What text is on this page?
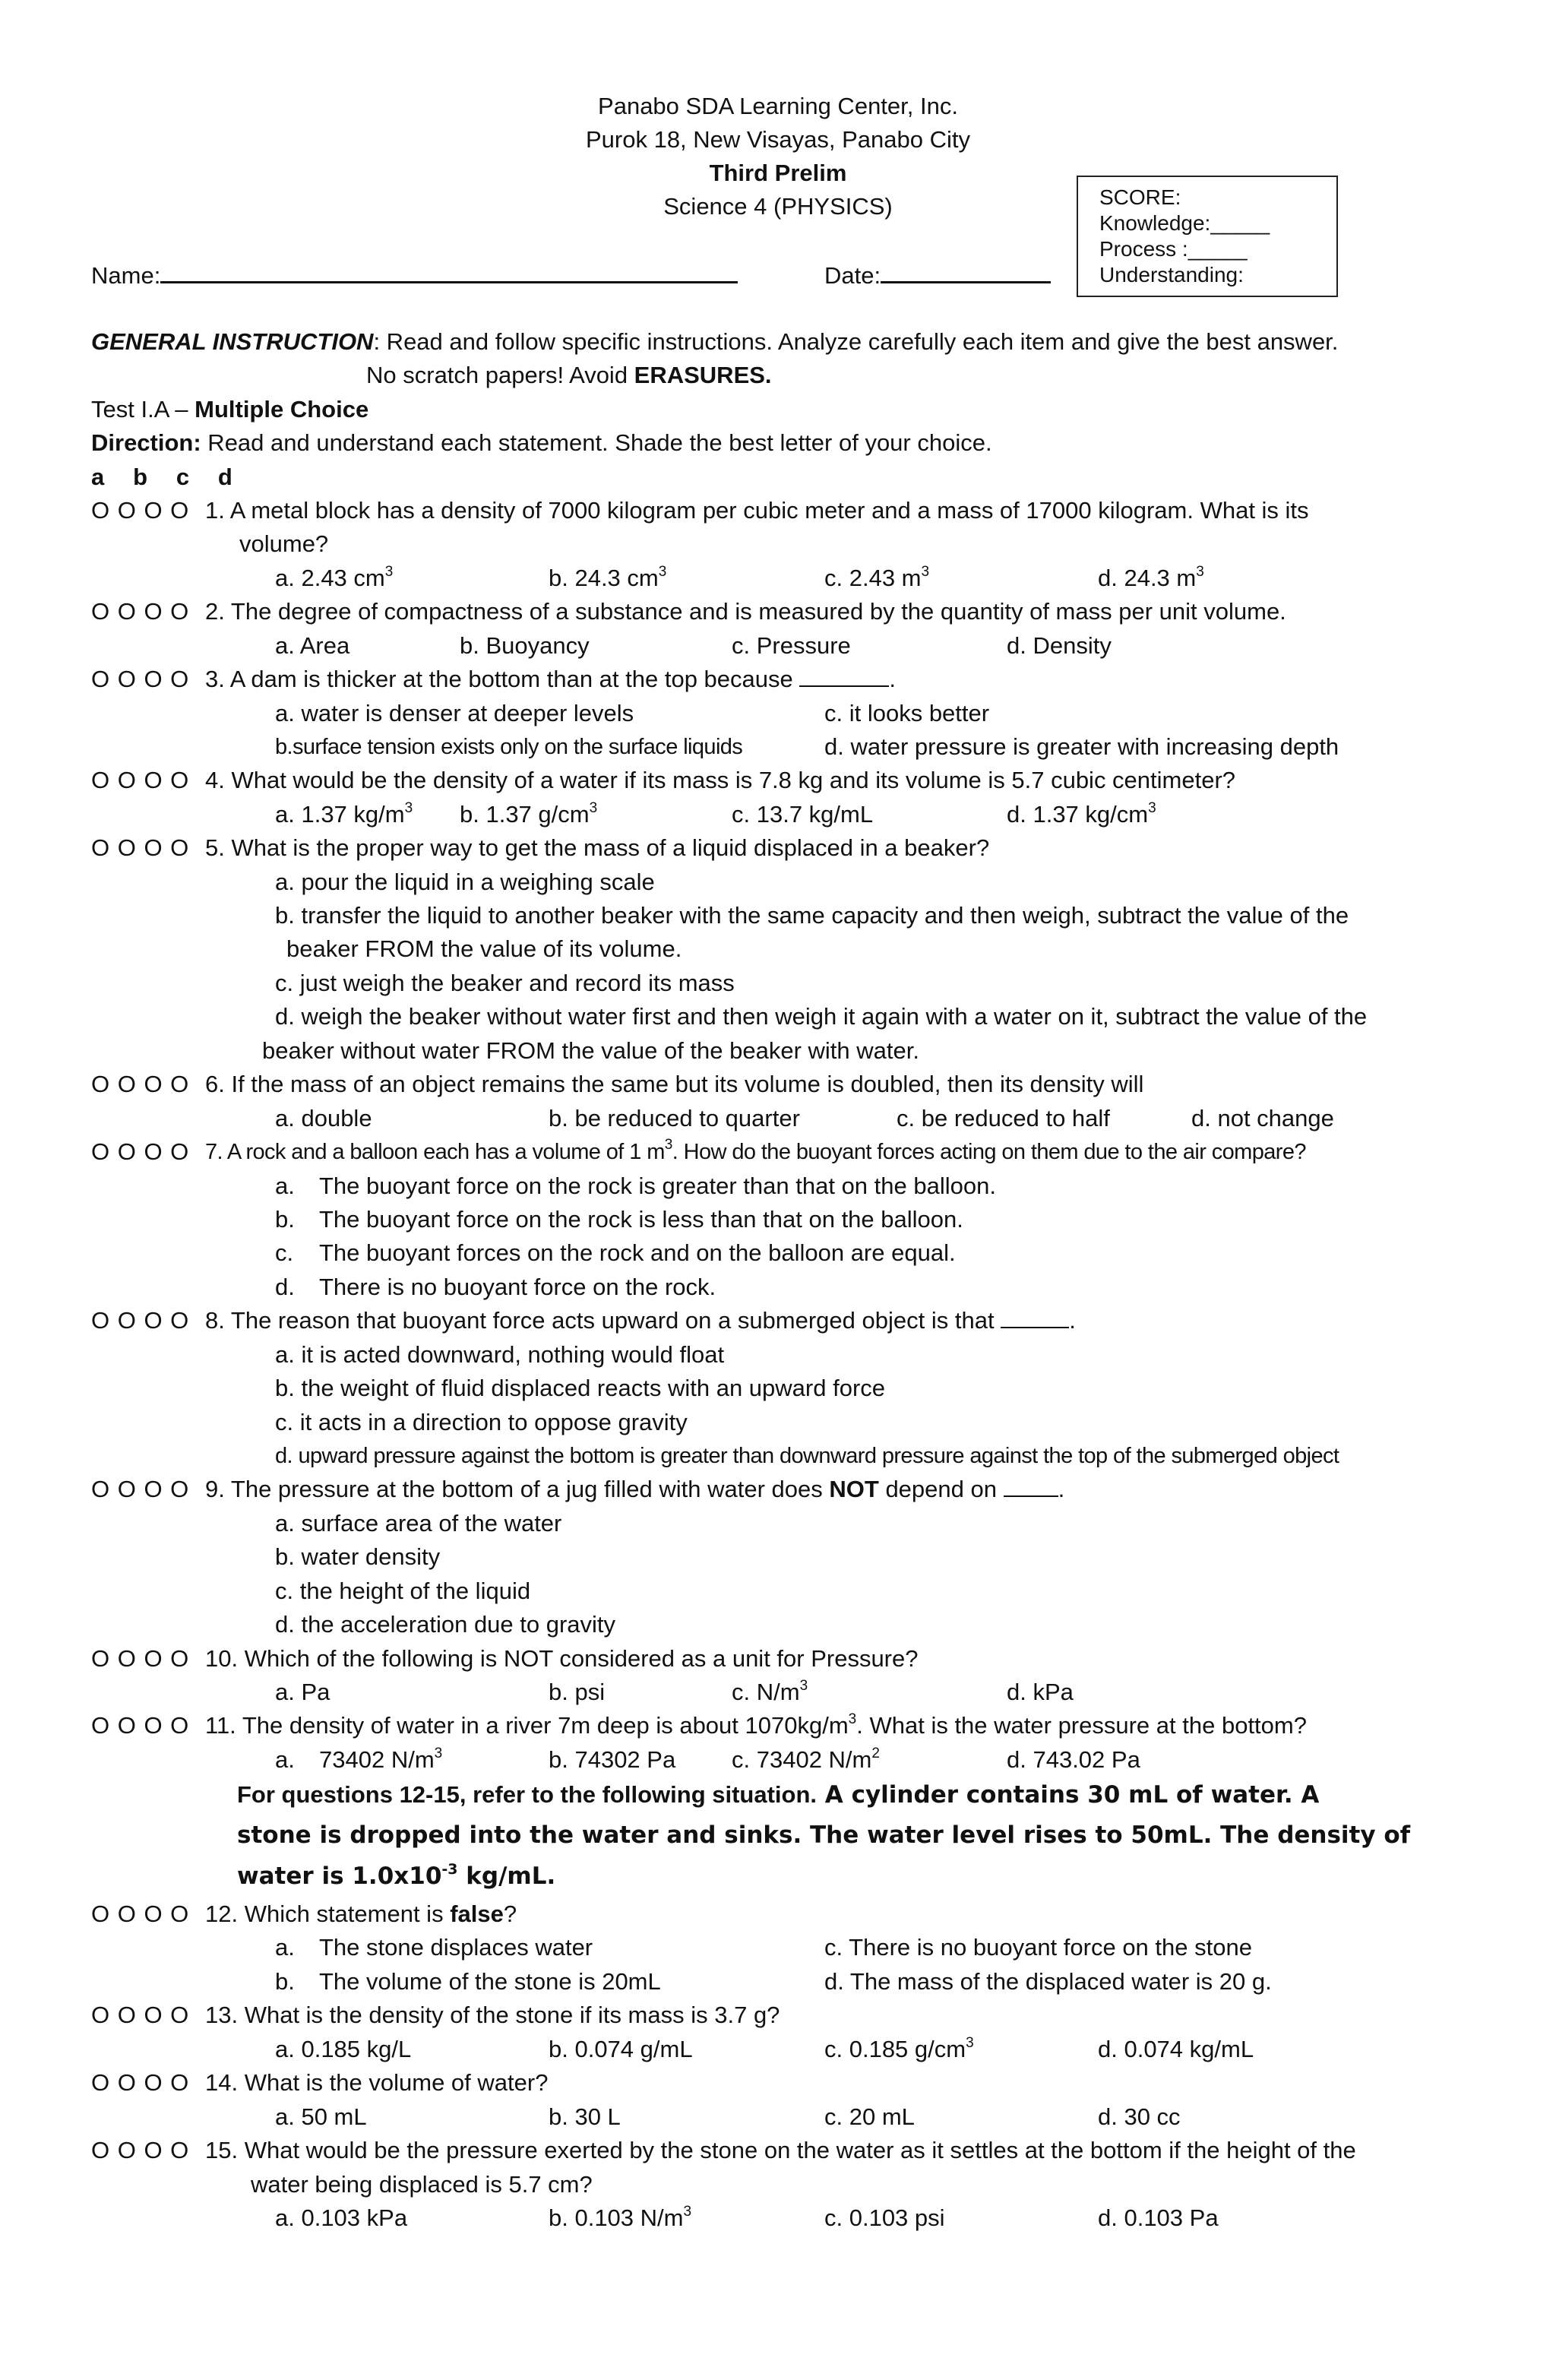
Panabo SDA Learning Center, Inc.
Purok 18, New Visayas, Panabo City
Third Prelim
Science 4 (PHYSICS)	SCORE:
Knowledge:_____
Process :_____
Understanding:
Name:	Date:
GENERAL INSTRUCTION: Read and follow specific instructions. Analyze carefully each item and give the best answer.
No scratch papers! Avoid ERASURES.
Test I.A – Multiple Choice
Direction: Read and understand each statement. Shade the best letter of your choice.
a   b   c   d
O O O O 1. A metal block has a density of 7000 kilogram per cubic meter and a mass of 17000 kilogram. What is its
volume?
a. 2.43 $cm^3$	b. 24.3 $cm^3$	c. 2.43 $m^3$	d. 24.3 $m^3$
O O O O 2. The degree of compactness of a substance and is measured by the quantity of mass per unit volume.
a. Area	b. Buoyancy	c. Pressure	d. Density
O O O O 3. A dam is thicker at the bottom than at the top because	.
a. water is denser at deeper levels	c. it looks better
b.surface tension exists only on the surface liquids	d. water pressure is greater with increasing depth
O O O O 4. What would be the density of a water if its mass is 7.8 kg and its volume is 5.7 cubic centimeter?
a. 1.37 $kg/m^3$ b. 1.37 $g/cm^3$	c. 13.7 kg/mL	d. 1.37 $kg/cm^3$
O O O O 5. What is the proper way to get the mass of a liquid displaced in a beaker?
a. pour the liquid in a weighing scale
b. transfer the liquid to another beaker with the same capacity and then weigh, subtract the value of the
beaker FROM the value of its volume.
c. just weigh the beaker and record its mass
d. weigh the beaker without water first and then weigh it again with a water on it, subtract the value of the
beaker without water FROM the value of the beaker with water.
O O O O 6. If the mass of an object remains the same but its volume is doubled, then its density will
a. double	b. be reduced to quarter	c. be reduced to half	d. not change
O O O O 7. A rock and a balloon each has a volume of 1 $m^3$. How do the buoyant forces acting on them due to the air compare?
a. The buoyant force on the rock is greater than that on the balloon.
b. The buoyant force on the rock is less than that on the balloon.
c. The buoyant forces on the rock and on the balloon are equal.
d. There is no buoyant force on the rock.
O O O O 8. The reason that buoyant force acts upward on a submerged object is that	.
a. it is acted downward, nothing would float
b. the weight of fluid displaced reacts with an upward force
c. it acts in a direction to oppose gravity
d. upward pressure against the bottom is greater than downward pressure against the top of the submerged object
O O O O 9. The pressure at the bottom of a jug filled with water does NOT depend on	.
a. surface area of the water
b. water density
c. the height of the liquid
d. the acceleration due to gravity
O O O O 10. Which of the following is NOT considered as a unit for Pressure?
a. Pa	b. psi	c. $N/m^3$	d. kPa
O O O O 11. The density of water in a river 7m deep is about $1070kg/m^3$. What is the water pressure at the bottom?
a. 73402 $N/m^3$	b. 74302 Pa c. 73402 $N/m^2$	d. 743.02 Pa
For questions 12-15, refer to the following situation. A cylinder contains 30 mL of water. A
stone is dropped into the water and sinks. The water level rises to 50mL. The density of
water is $1.0x10^{-3}$ kg/mL.
O O O O 12. Which statement is false?
a. The stone displaces water	c. There is no buoyant force on the stone
b. The volume of the stone is 20mL	d. The mass of the displaced water is 20 g.
O O O O 13. What is the density of the stone if its mass is 3.7 g?
a. 0.185 kg/L	b. 0.074 g/mL	c. 0.185 $g/cm^3$	d. 0.074 kg/mL
O O O O 14. What is the volume of water?
a. 50 mL	b. 30 L	c. 20 mL	d. 30 cc
O O O O 15. What would be the pressure exerted by the stone on the water as it settles at the bottom if the height of the
water being displaced is 5.7 cm?
a. 0.103 kPa	b. 0.103 $N/m^3$	c. 0.103 psi	d. 0.103 Pa
